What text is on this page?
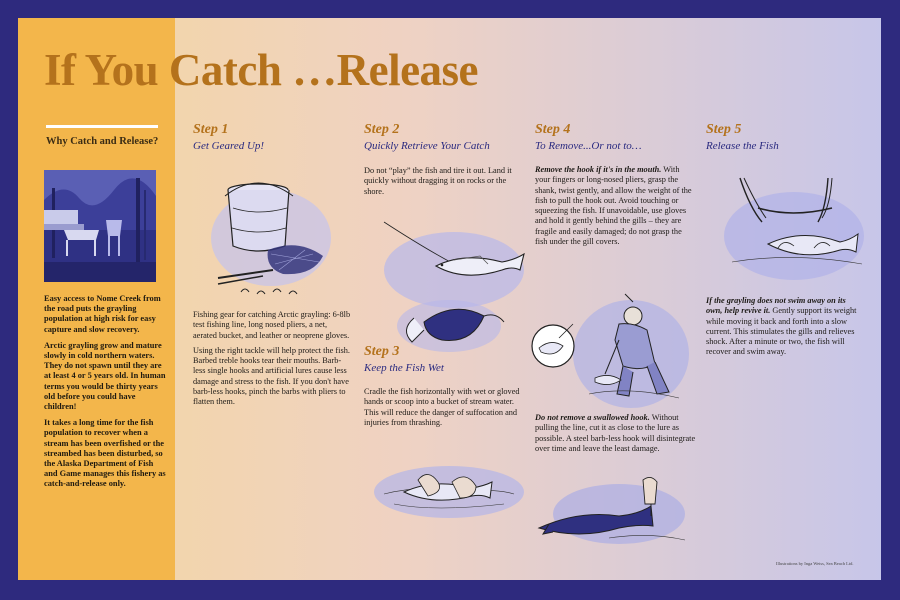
If You Catch …Release
Why Catch and Release?

Easy access to Nome Creek from the road puts the grayling population at high risk for easy capture and slow recovery.

Arctic grayling grow and mature slowly in cold northern waters. They do not spawn until they are at least 4 or 5 years old. In human terms you would be thirty years old before you could have children!

It takes a long time for the fish population to recover when a stream has been overfished or the streambed has been disturbed, so the Alaska Department of Fish and Game manages this fishery as catch-and-release only.

Step 1
Get Geared Up!

Fishing gear for catching Arctic grayling: 6-8lb test fishing line, long nosed pliers, a net, aerated bucket, and leather or neoprene gloves.

Using the right tackle will help protect the fish. Barbed treble hooks tear their mouths. Barb-less single hooks and artificial lures cause less damage and stress to the fish. If you don't have barb-less hooks, pinch the barbs with pliers to flatten them.

Step 2
Quickly Retrieve Your Catch

Do not “play” the fish and tire it out. Land it quickly without dragging it on rocks or the shore.

Step 3
Keep the Fish Wet

Cradle the fish horizontally with wet or gloved hands or scoop into a bucket of stream water. This will reduce the danger of suffocation and injuries from thrashing.

Step 4
To Remove...Or not to…

Remove the hook if it's in the mouth. With your fingers or long-nosed pliers, grasp the shank, twist gently, and allow the weight of the fish to pull the hook out. Avoid touching or squeezing the fish. If unavoidable, use gloves and hold it gently behind the gills – they are fragile and easily damaged; do not grasp the fish under the gill covers.

Do not remove a swallowed hook. Without pulling the line, cut it as close to the lure as possible. A steel barb-less hook will disintegrate over time and leave the least damage.

Step 5
Release the Fish

If the grayling does not swim away on its own, help revive it. Gently support its weight while moving it back and forth into a slow current. This stimulates the gills and relieves shock. After a minute or two, the fish will recover and swim away.

Illustrations by Inga Weiss, Sea Beach Ltd.
